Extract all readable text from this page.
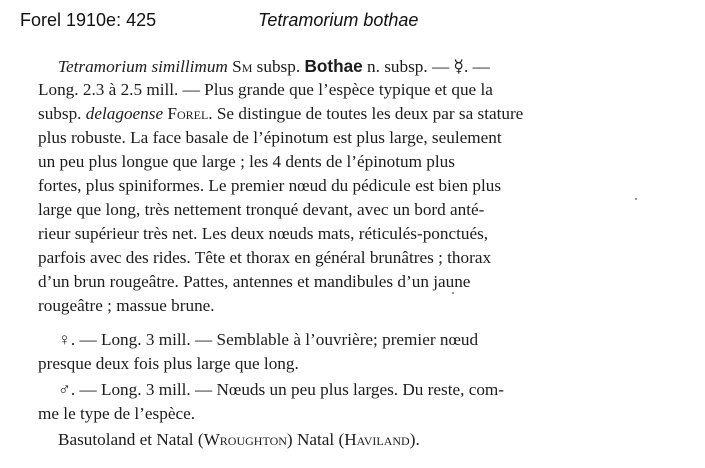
Forel 1910e: 425	Tetramorium bothae
Tetramorium simillimum Sm subsp. Bothae n. subsp. — ☿. —
Long. 2.3 à 2.5 mill. — Plus grande que l’espèce typique et que la
subsp. delagoense Forel. Se distingue de toutes les deux par sa stature
plus robuste. La face basale de l’épinotum est plus large, seulement
un peu plus longue que large ; les 4 dents de l’épinotum plus
fortes, plus spiniformes. Le premier nœud du pédicule est bien plus
large que long, très nettement tronqué devant, avec un bord anté-
rieur supérieur très net. Les deux nœuds mats, réticulés-ponctués,
parfois avec des rides. Tête et thorax en général brunâtres ; thorax
d’un brun rougeâtre. Pattes, antennes et mandibules d’un jaune
rougeâtre ; massue brune.
♀. — Long. 3 mill. — Semblable à l’ouvrière; premier nœud
presque deux fois plus large que long.
♂. — Long. 3 mill. — Nœuds un peu plus larges. Du reste, com-
me le type de l’espèce.
Basutoland et Natal (Wroughton) Natal (Haviland).
